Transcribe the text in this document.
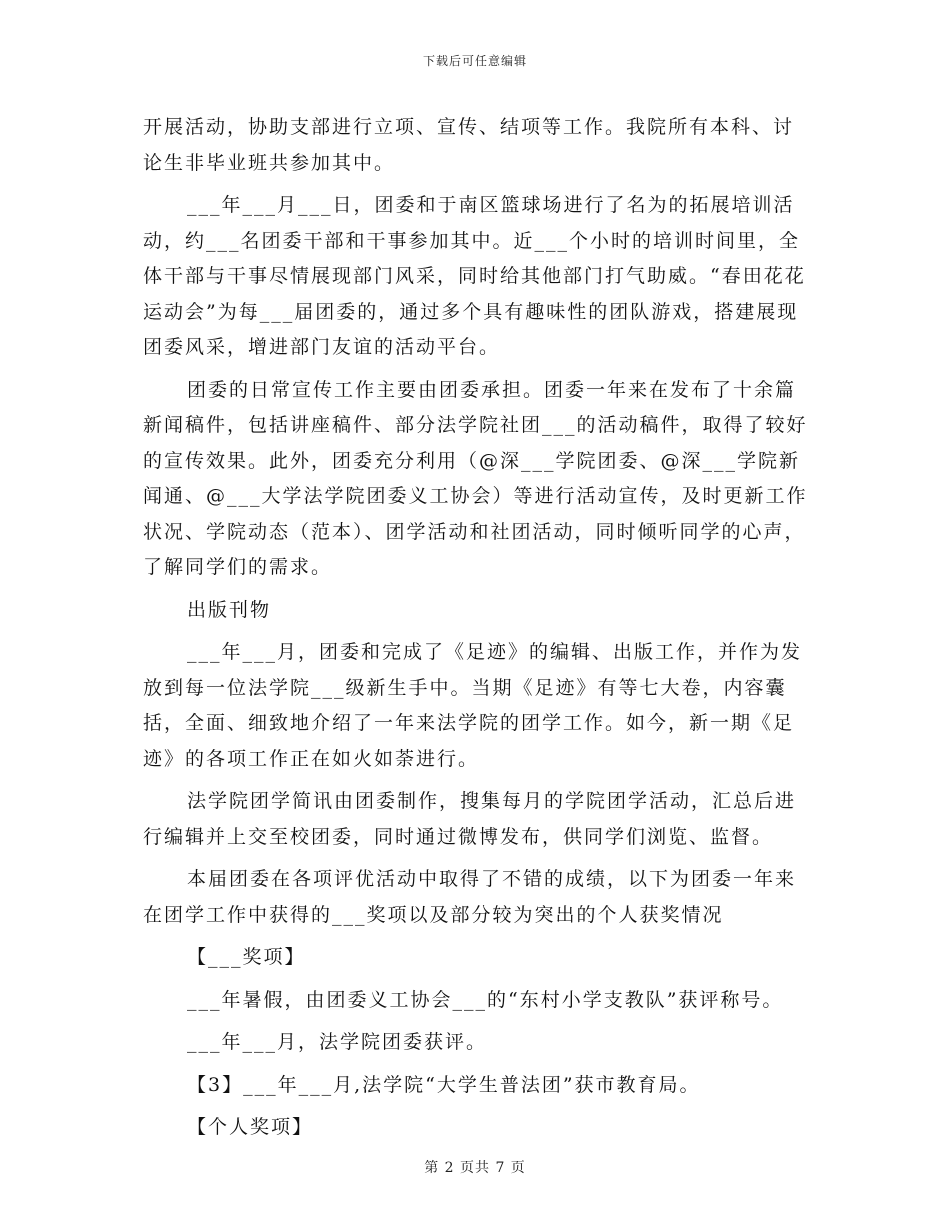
下载后可任意编辑

开展活动，协助支部进行立项、宣传、结项等工作。我院所有本科、讨论生非毕业班共参加其中。

___年___月___日，团委和于南区篮球场进行了名为的拓展培训活动，约___名团委干部和干事参加其中。近___个小时的培训时间里，全体干部与干事尽情展现部门风采，同时给其他部门打气助威。“春田花花运动会”为每___届团委的，通过多个具有趣味性的团队游戏，搭建展现团委风采，增进部门友谊的活动平台。

团委的日常宣传工作主要由团委承担。团委一年来在发布了十余篇新闻稿件，包括讲座稿件、部分法学院社团___的活动稿件，取得了较好的宣传效果。此外，团委充分利用（@深___学院团委、@深___学院新闻通、@___大学法学院团委义工协会）等进行活动宣传，及时更新工作状况、学院动态（范本）、团学活动和社团活动，同时倾听同学的心声，了解同学们的需求。

出版刊物

___年___月，团委和完成了《足迹》的编辑、出版工作，并作为发放到每一位法学院___级新生手中。当期《足迹》有等七大卷，内容囊括，全面、细致地介绍了一年来法学院的团学工作。如今，新一期《足迹》的各项工作正在如火如荼进行。

法学院团学简讯由团委制作，搜集每月的学院团学活动，汇总后进行编辑并上交至校团委，同时通过微博发布，供同学们浏览、监督。

本届团委在各项评优活动中取得了不错的成绩，以下为团委一年来在团学工作中获得的___奖项以及部分较为突出的个人获奖情况

【___奖项】

___年暑假，由团委义工协会___的“东村小学支教队”获评称号。

___年___月，法学院团委获评。

【3】___年___月,法学院“大学生普法团”获市教育局。

【个人奖项】

第 2 页共 7 页
